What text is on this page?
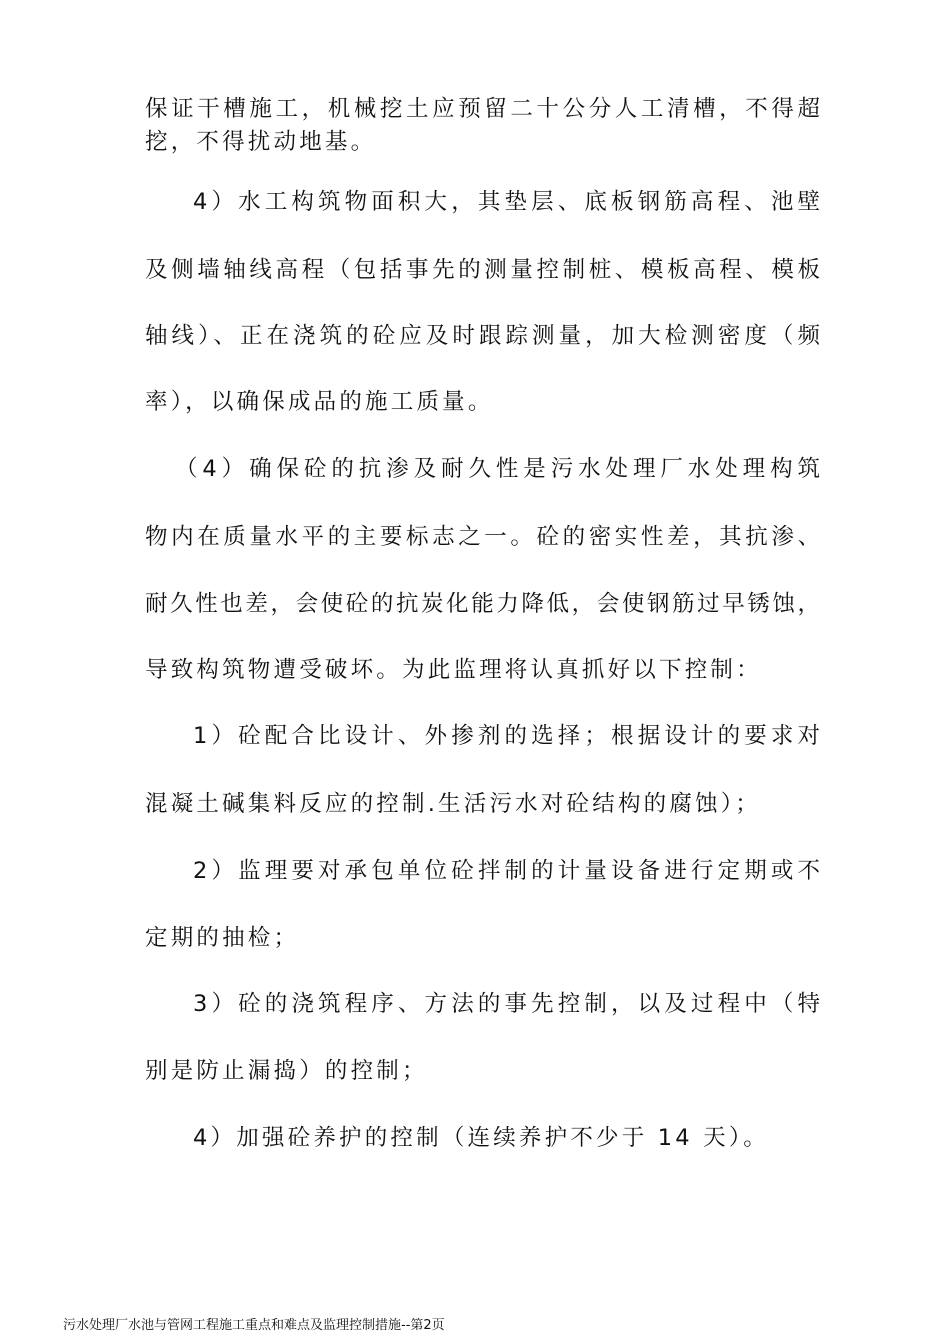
保证干槽施工，机械挖土应预留二十公分人工清槽，不得超
挖，不得扰动地基。
4）水工构筑物面积大，其垫层、底板钢筋高程、池壁
及侧墙轴线高程（包括事先的测量控制桩、模板高程、模板
轴线）、正在浇筑的砼应及时跟踪测量，加大检测密度（频
率），以确保成品的施工质量。
（4）确保砼的抗渗及耐久性是污水处理厂水处理构筑
物内在质量水平的主要标志之一。砼的密实性差，其抗渗、
耐久性也差，会使砼的抗炭化能力降低，会使钢筋过早锈蚀，
导致构筑物遭受破坏。为此监理将认真抓好以下控制：
1）砼配合比设计、外掺剂的选择；根据设计的要求对
混凝土碱集料反应的控制.生活污水对砼结构的腐蚀）；
2）监理要对承包单位砼拌制的计量设备进行定期或不
定期的抽检；
3）砼的浇筑程序、方法的事先控制，以及过程中（特
别是防止漏捣）的控制；
4）加强砼养护的控制（连续养护不少于 14 天）。
污水处理厂水池与管网工程施工重点和难点及监理控制措施--第2页
